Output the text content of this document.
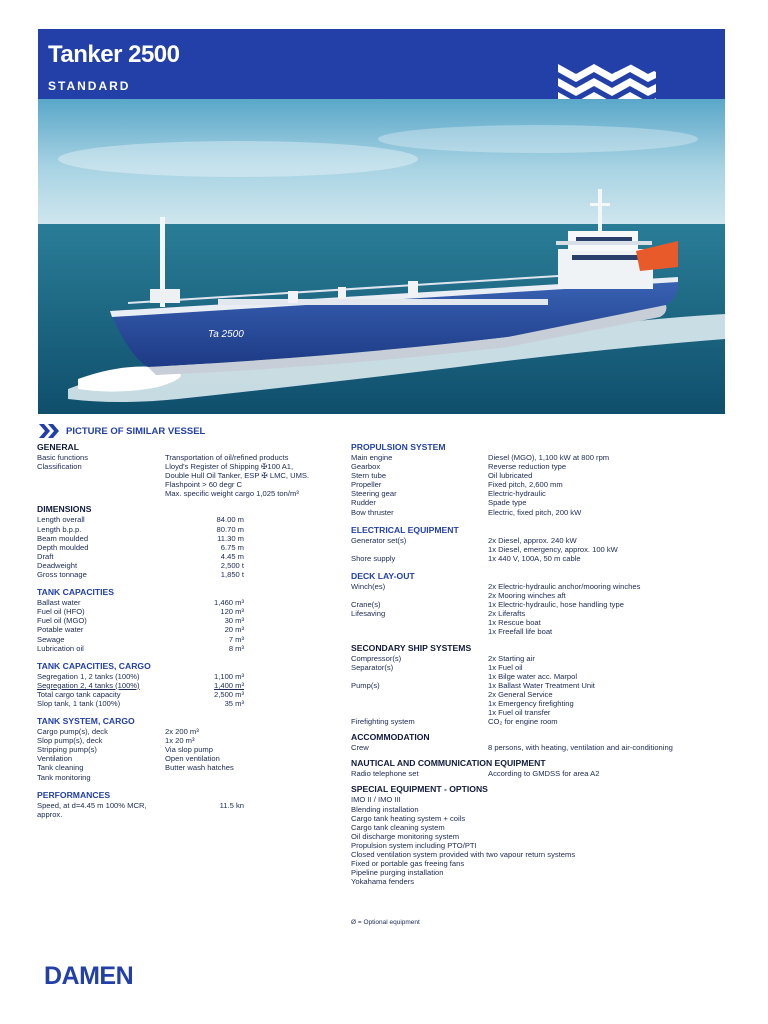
Tanker 2500
STANDARD
Ta 2500
PICTURE OF SIMILAR VESSEL
GENERAL
Basic functions	Transportation of oil/refined products
Classification	Lloyd's Register of Shipping ✠100 A1,
Double Hull Oil Tanker, ESP ✠ LMC, UMS.
Flashpoint > 60 degr C
Max. specific weight cargo 1,025 ton/m³
DIMENSIONS
Length overall	84.00 m
Length b.p.p.	80.70 m
Beam moulded	11.30 m
Depth moulded	6.75 m
Draft	4.45 m
Deadweight	2,500 t
Gross tonnage	1,850 t
TANK CAPACITIES
Ballast water	1,460 m³
Fuel oil (HFO)	120 m³
Fuel oil (MGO)	30 m³
Potable water	20 m³
Sewage	7 m³
Lubrication oil	8 m³
TANK CAPACITIES, CARGO
Segregation 1, 2 tanks (100%)	1,100 m³
Segregation 2, 4 tanks (100%)	1,400 m³
Total cargo tank capacity	2,500 m³
Slop tank, 1 tank (100%)	35 m³
TANK SYSTEM, CARGO
Cargo pump(s), deck	2x 200 m³
Slop pump(s), deck	1x 20 m³
Stripping pump(s)	Via slop pump
Ventilation	Open ventilation
Tank cleaning	Butter wash hatches
Tank monitoring
PERFORMANCES
Speed, at d=4.45 m 100% MCR,	11.5 kn
approx.
PROPULSION SYSTEM
Main engine	Diesel (MGO), 1,100 kW at 800 rpm
Gearbox	Reverse reduction type
Stern tube	Oil lubricated
Propeller	Fixed pitch, 2,600 mm
Steering gear	Electric-hydraulic
Rudder	Spade type
Bow thruster	Electric, fixed pitch, 200 kW
ELECTRICAL EQUIPMENT
Generator set(s)	2x Diesel, approx. 240 kW
1x Diesel, emergency, approx. 100 kW
Shore supply	1x 440 V, 100A, 50 m cable
DECK LAY-OUT
Winch(es)	2x Electric-hydraulic anchor/mooring winches
2x Mooring winches aft
Crane(s)	1x Electric-hydraulic, hose handling type
Lifesaving	2x Liferafts
1x Rescue boat
1x Freefall life boat
SECONDARY SHIP SYSTEMS
Compressor(s)	2x Starting air
Separator(s)	1x Fuel oil
1x Bilge water acc. Marpol
Pump(s)	1x Ballast Water Treatment Unit
2x General Service
1x Emergency firefighting
1x Fuel oil transfer
Firefighting system	CO₂ for engine room
ACCOMMODATION
Crew	8 persons, with heating, ventilation and air-conditioning
NAUTICAL AND COMMUNICATION EQUIPMENT
Radio telephone set	According to GMDSS for area A2
SPECIAL EQUIPMENT - OPTIONS
IMO II / IMO III
Blending installation
Cargo tank heating system + coils
Cargo tank cleaning system
Oil discharge monitoring system
Propulsion system including PTO/PTI
Closed ventilation system provided with two vapour return systems
Fixed or portable gas freeing fans
Pipeline purging installation
Yokahama fenders
Ø = Optional equipment
DAMEN
